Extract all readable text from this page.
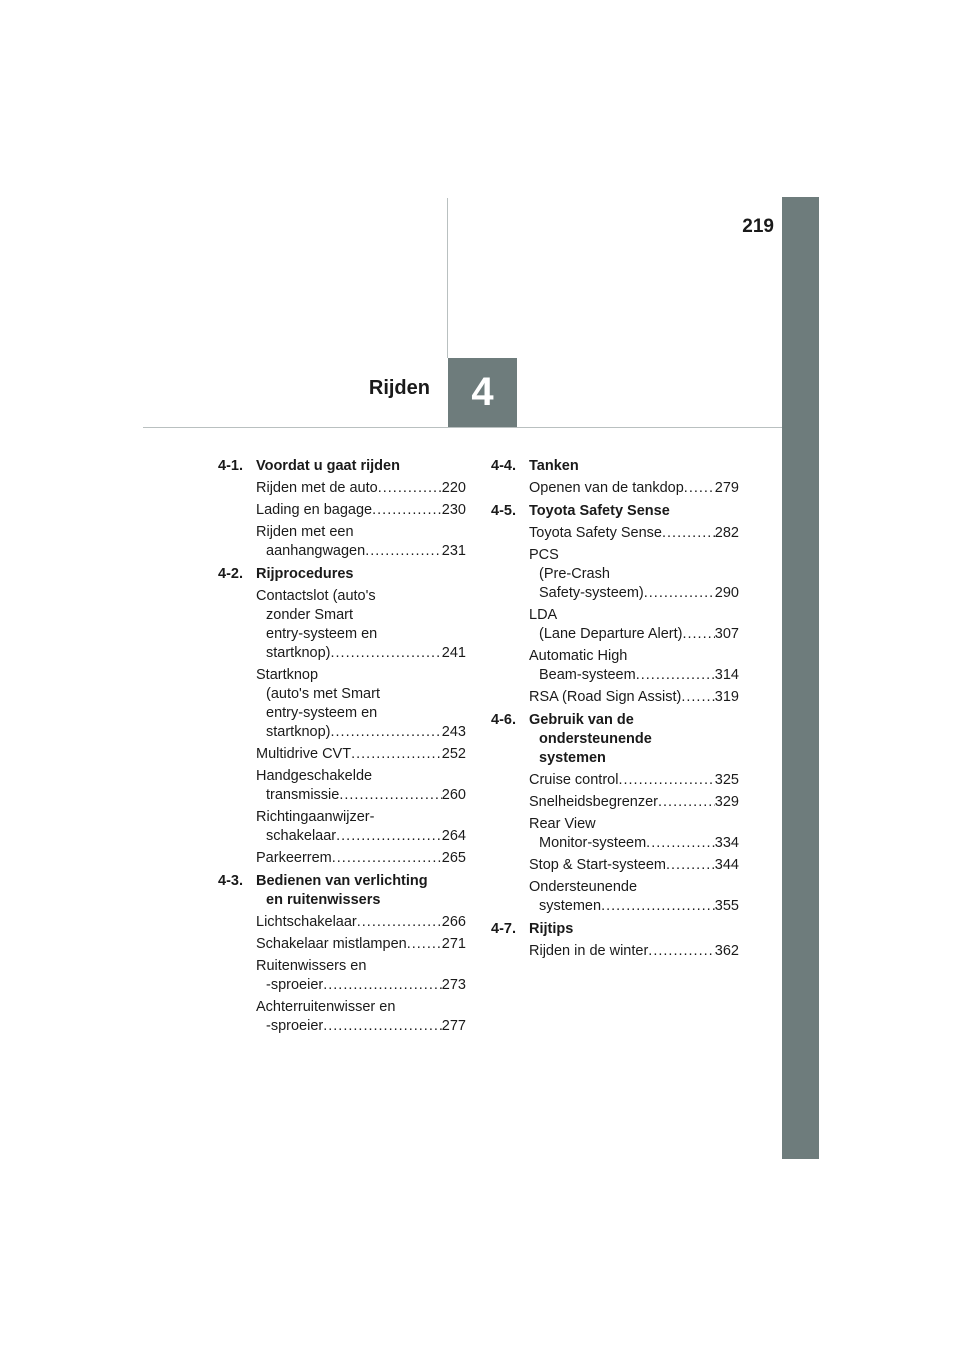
219
4
Rijden
4-1. Voordat u gaat rijden
Rijden met de auto .....	220
Lading en bagage .....	230
Rijden met een
aanhangwagen .....	231
4-2. Rijprocedures
Contactslot (auto's
zonder Smart
entry-systeem en
startknop) .....	241
Startknop
(auto's met Smart
entry-systeem en
startknop) .....	243
Multidrive CVT .....	252
Handgeschakelde
transmissie .....	260
Richtingaanwijzer-
schakelaar .....	264
Parkeerrem .....	265
4-3. Bedienen van verlichting
en ruitenwissers
Lichtschakelaar .....	266
Schakelaar mistlampen ..... 271
Ruitenwissers en
-sproeier .....	273
Achterruitenwisser en
-sproeier .....	277
4-4. Tanken
Openen van de tankdop ..... 279
4-5. Toyota Safety Sense
Toyota Safety Sense .....	282
PCS
(Pre-Crash
Safety-systeem) .....	290
LDA
(Lane Departure Alert) ..... 307
Automatic High
Beam-systeem .....	314
RSA (Road Sign Assist) ..... 319
4-6. Gebruik van de
ondersteunende
systemen
Cruise control .....	325
Snelheidsbegrenzer .....	329
Rear View
Monitor-systeem .....	334
Stop & Start-systeem .....	344
Ondersteunende
systemen .....	355
4-7. Rijtips
Rijden in de winter .....	362
